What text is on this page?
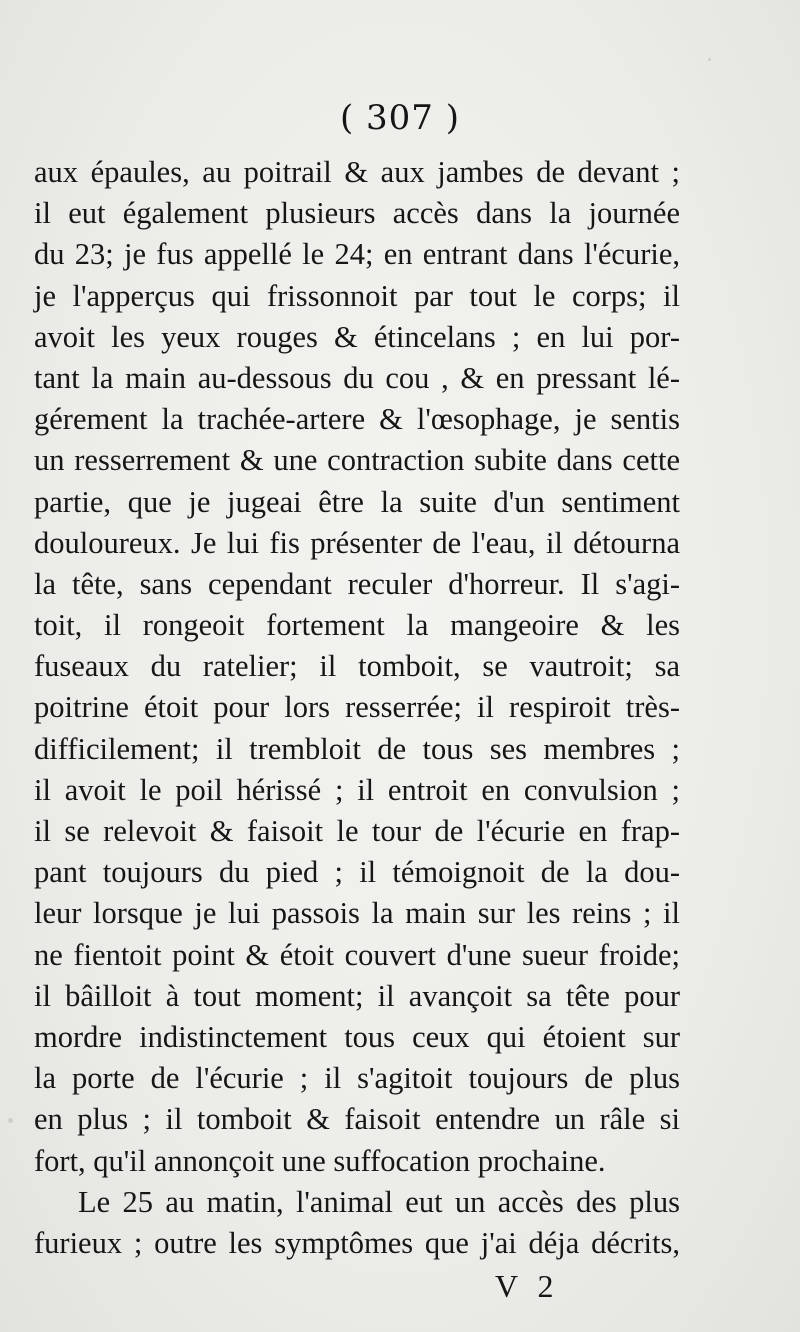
( 307 )
aux épaules, au poitrail & aux jambes de devant ;
il eut également plusieurs accès dans la journée
du 23; je fus appellé le 24; en entrant dans l'écurie,
je l'apperçus qui frissonnoit par tout le corps; il
avoit les yeux rouges & étincelans ; en lui por-
tant la main au-dessous du cou , & en pressant lé-
gérement la trachée-artere & l'œsophage, je sentis
un resserrement & une contraction subite dans cette
partie, que je jugeai être la suite d'un sentiment
douloureux. Je lui fis présenter de l'eau, il détourna
la tête, sans cependant reculer d'horreur. Il s'agi-
toit, il rongeoit fortement la mangeoire & les
fuseaux du ratelier; il tomboit, se vautroit; sa
poitrine étoit pour lors resserrée; il respiroit très-
difficilement; il trembloit de tous ses membres ;
il avoit le poil hérissé ; il entroit en convulsion ;
il se relevoit & faisoit le tour de l'écurie en frap-
pant toujours du pied ; il témoignoit de la dou-
leur lorsque je lui passois la main sur les reins ; il
ne fientoit point & étoit couvert d'une sueur froide;
il bâilloit à tout moment; il avançoit sa tête pour
mordre indistinctement tous ceux qui étoient sur
la porte de l'écurie ; il s'agitoit toujours de plus
en plus ; il tomboit & faisoit entendre un râle si
fort, qu'il annonçoit une suffocation prochaine.
Le 25 au matin, l'animal eut un accès des plus
furieux ; outre les symptômes que j'ai déja décrits,
V 2
